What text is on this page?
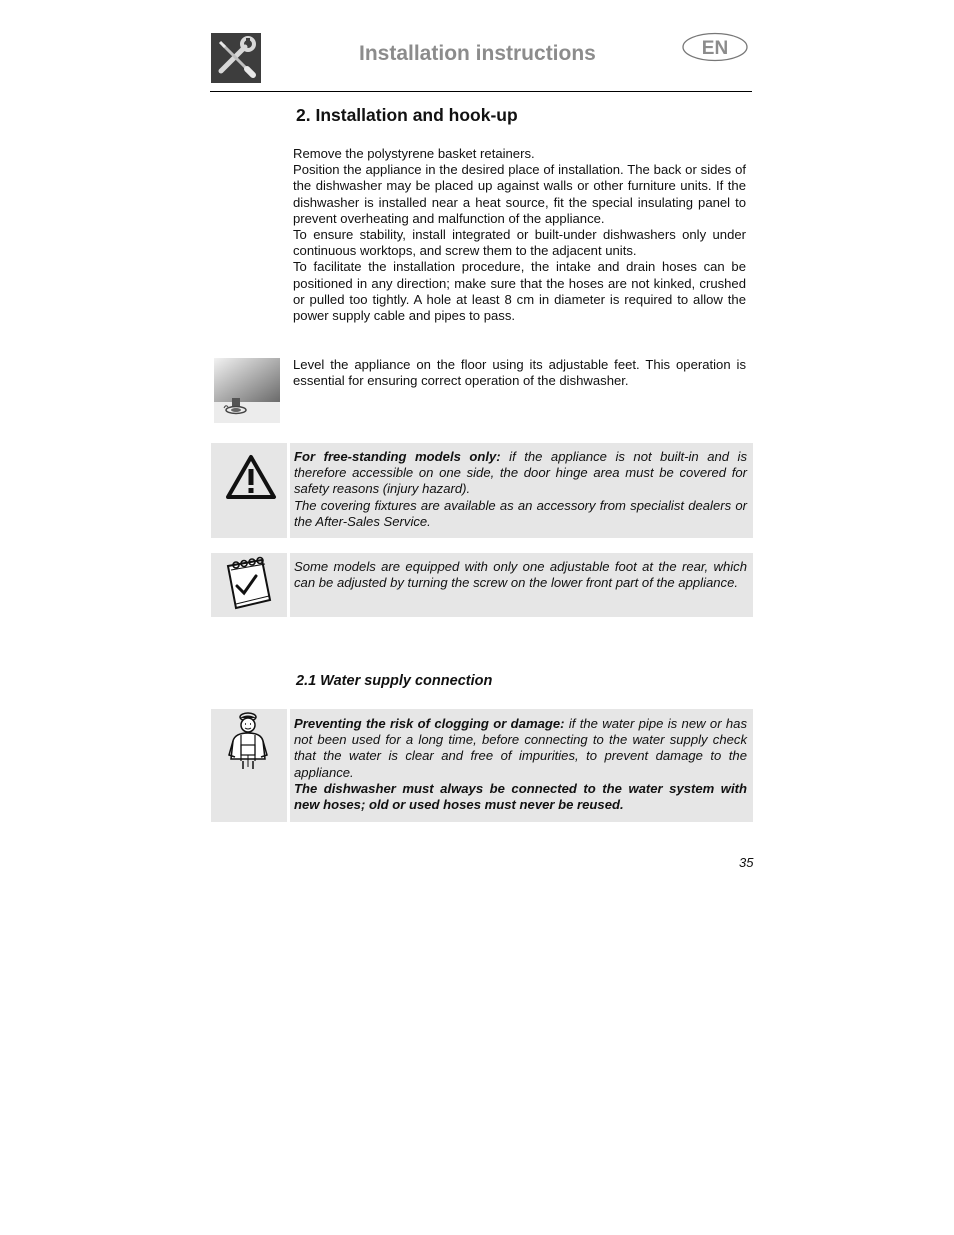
Installation instructions	EN
2. Installation and hook-up

Remove the polystyrene basket retainers.

Position the appliance in the desired place of installation. The back or sides of the dishwasher may be placed up against walls or other furniture units. If the dishwasher is installed near a heat source, fit the special insulating panel to prevent overheating and malfunction of the appliance.

To ensure stability, install integrated or built-under dishwashers only under continuous worktops, and screw them to the adjacent units.

To facilitate the installation procedure, the intake and drain hoses can be positioned in any direction; make sure that the hoses are not kinked, crushed or pulled too tightly. A hole at least 8 cm in diameter is required to allow the power supply cable and pipes to pass.

Level the appliance on the floor using its adjustable feet. This operation is essential for ensuring correct operation of the dishwasher.

For free-standing models only: if the appliance is not built-in and is therefore accessible on one side, the door hinge area must be covered for safety reasons (injury hazard).

The covering fixtures are available as an accessory from specialist dealers or the After-Sales Service.

Some models are equipped with only one adjustable foot at the rear, which can be adjusted by turning the screw on the lower front part of the appliance.

2.1 Water supply connection

Preventing the risk of clogging or damage: if the water pipe is new or has not been used for a long time, before connecting to the water supply check that the water is clear and free of impurities, to prevent damage to the appliance.

The dishwasher must always be connected to the water system with new hoses; old or used hoses must never be reused.

35
